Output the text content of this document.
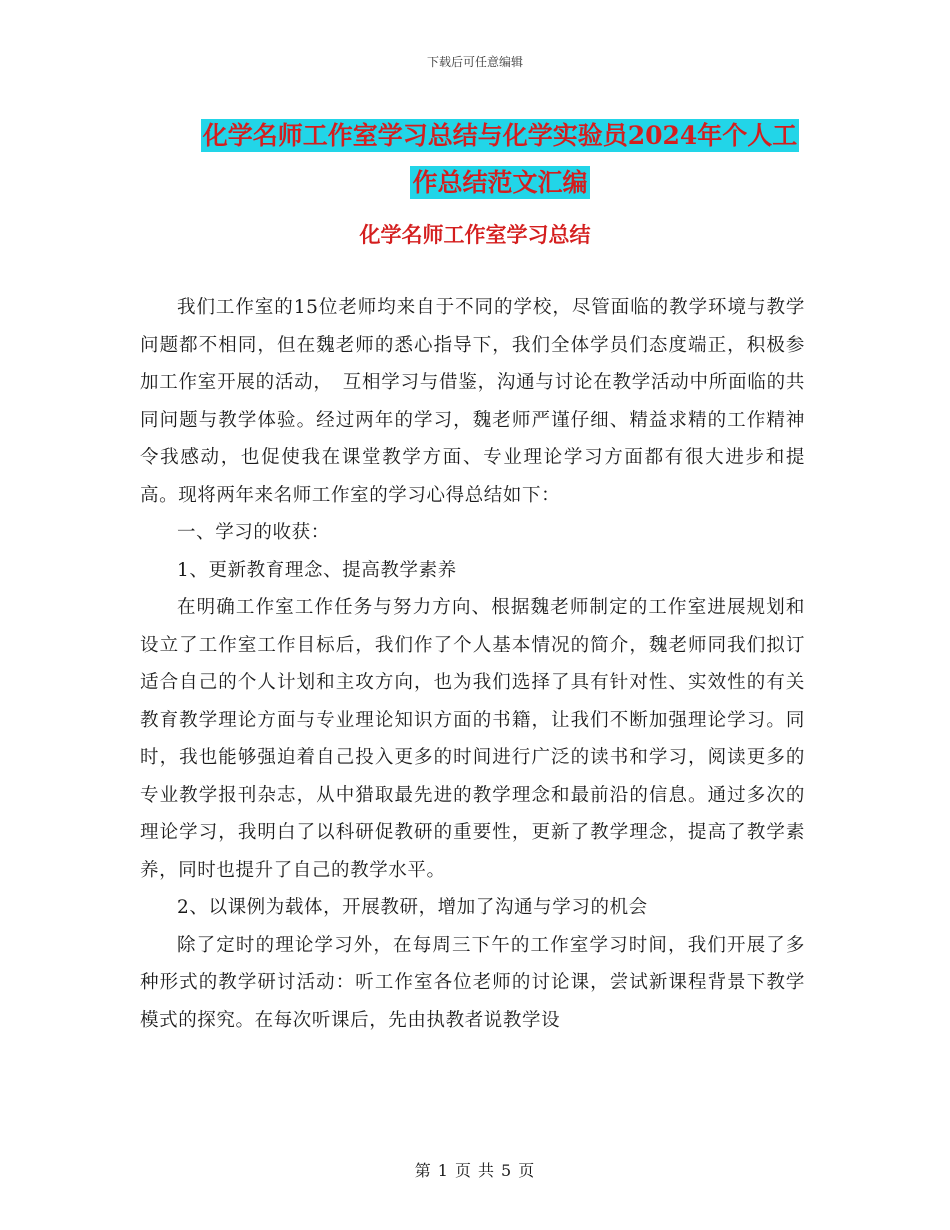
下载后可任意编辑
化学名师工作室学习总结与化学实验员2024年个人工
作总结范文汇编
化学名师工作室学习总结

我们工作室的15位老师均来自于不同的学校，尽管面临的教学环境与教学问题都不相同，但在魏老师的悉心指导下，我们全体学员们态度端正，积极参加工作室开展的活动，　互相学习与借鉴，沟通与讨论在教学活动中所面临的共同问题与教学体验。经过两年的学习，魏老师严谨仔细、精益求精的工作精神令我感动，也促使我在课堂教学方面、专业理论学习方面都有很大进步和提高。现将两年来名师工作室的学习心得总结如下：

一、学习的收获：

1、更新教育理念、提高教学素养

在明确工作室工作任务与努力方向、根据魏老师制定的工作室进展规划和设立了工作室工作目标后，我们作了个人基本情况的简介，魏老师同我们拟订适合自己的个人计划和主攻方向，也为我们选择了具有针对性、实效性的有关教育教学理论方面与专业理论知识方面的书籍，让我们不断加强理论学习。同时，我也能够强迫着自己投入更多的时间进行广泛的读书和学习，阅读更多的专业教学报刊杂志，从中猎取最先进的教学理念和最前沿的信息。通过多次的理论学习，我明白了以科研促教研的重要性，更新了教学理念，提高了教学素养，同时也提升了自己的教学水平。

2、以课例为载体，开展教研，增加了沟通与学习的机会

除了定时的理论学习外，在每周三下午的工作室学习时间，我们开展了多种形式的教学研讨活动：听工作室各位老师的讨论课，尝试新课程背景下教学模式的探究。在每次听课后，先由执教者说教学设

第 1 页 共 5 页
